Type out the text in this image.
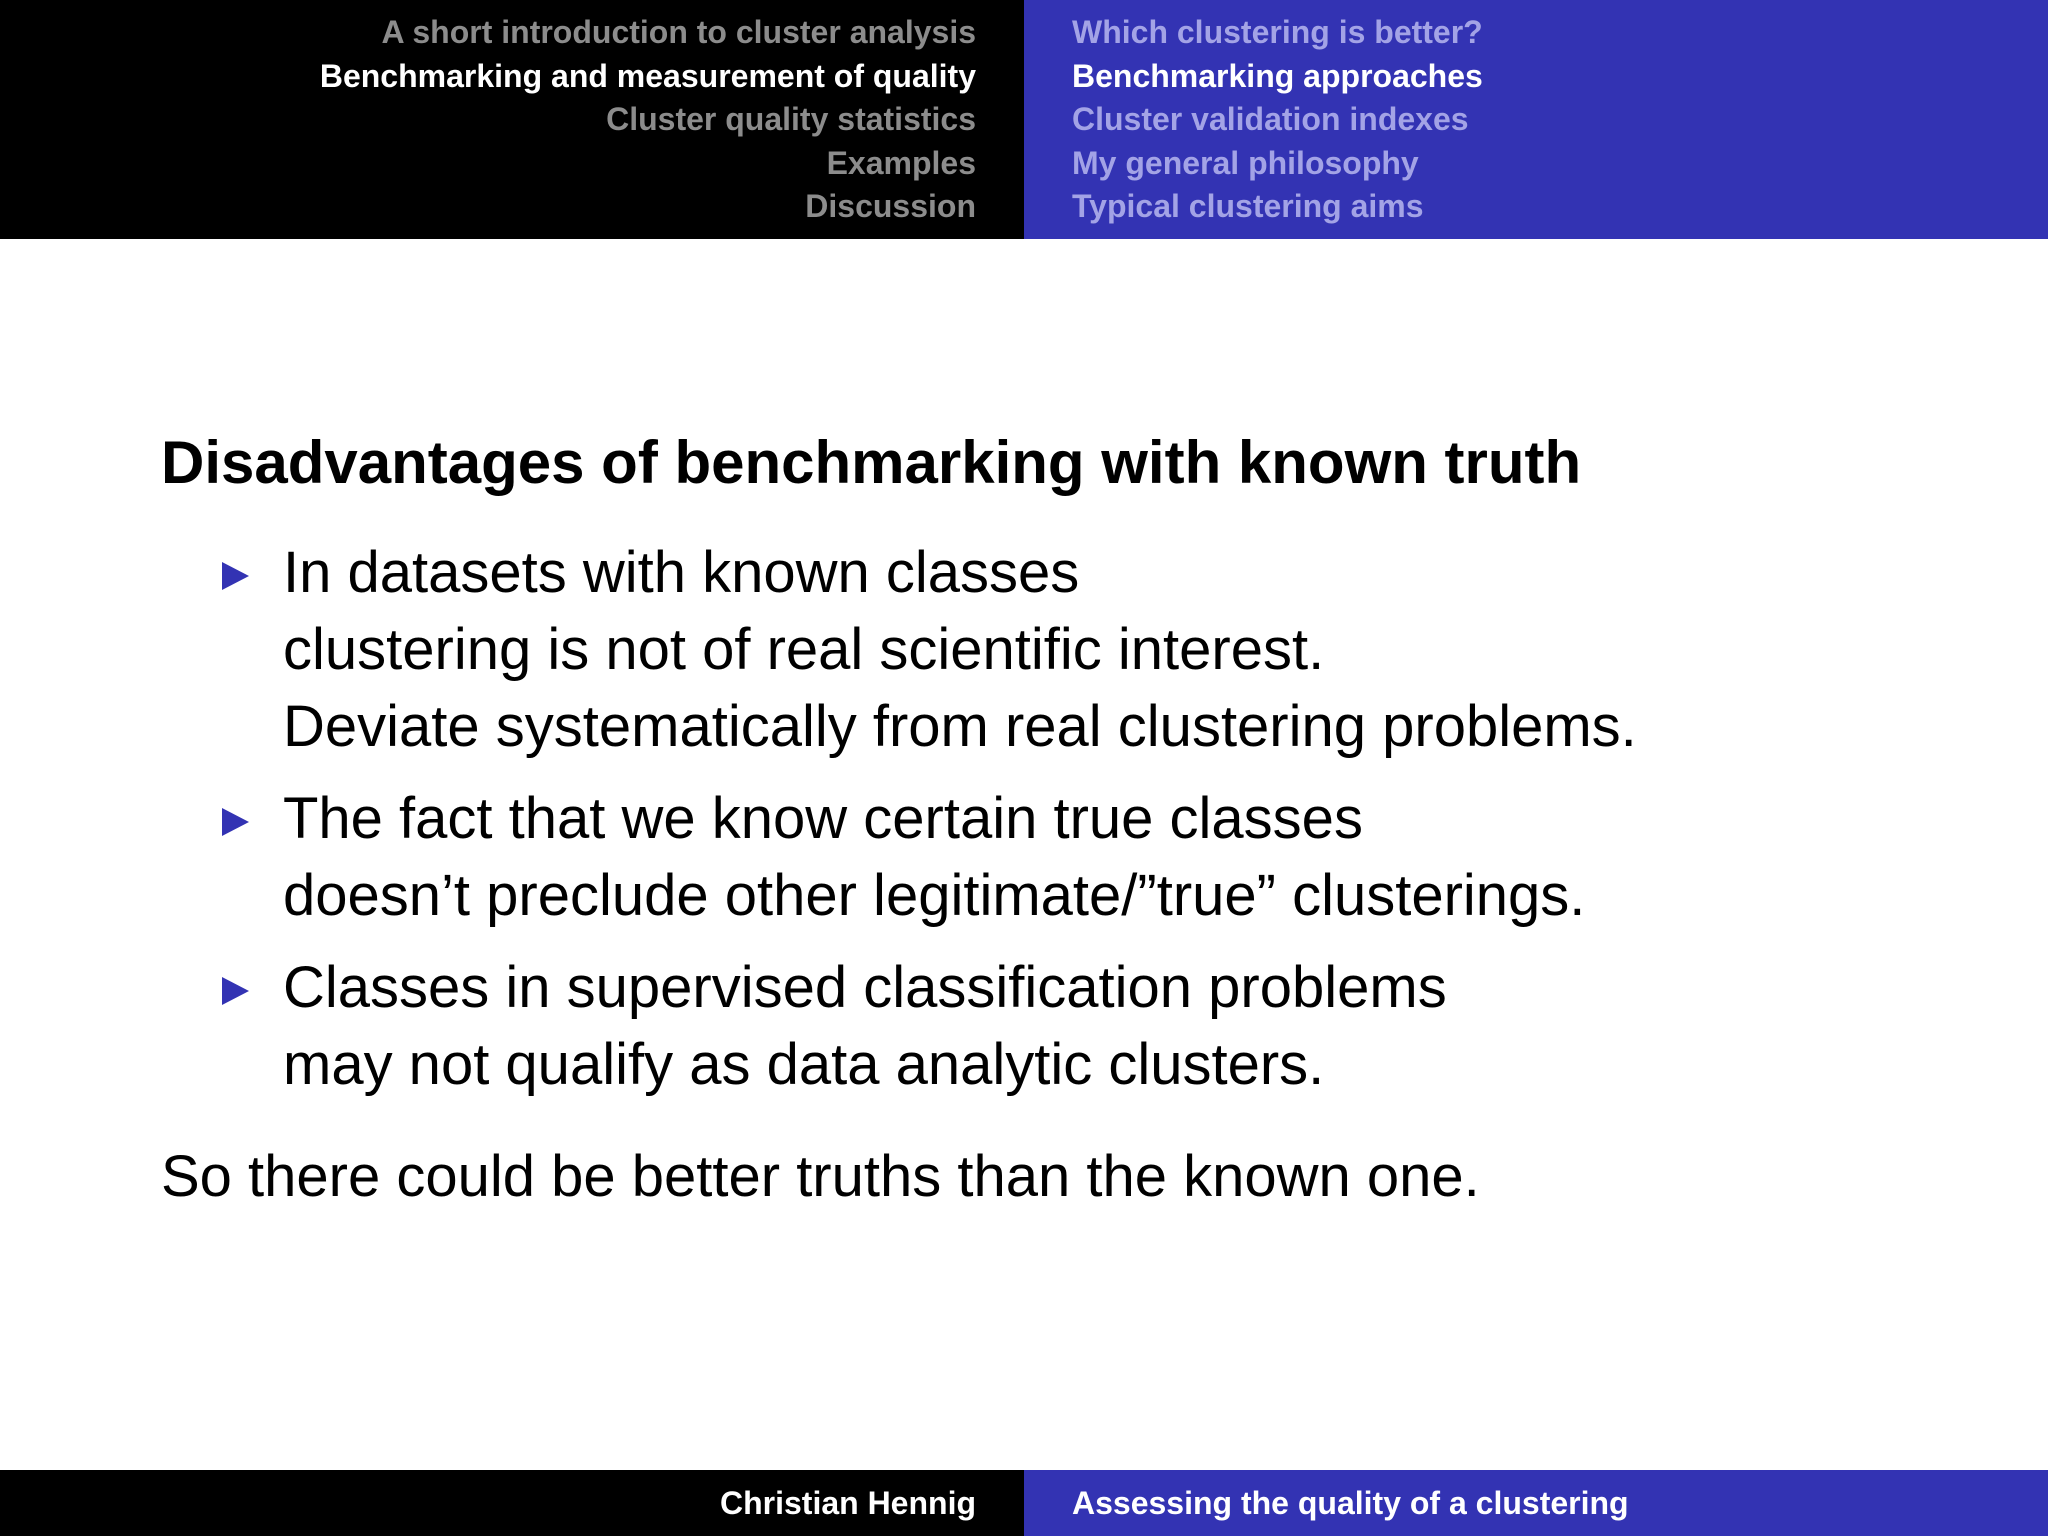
A short introduction to cluster analysis
Benchmarking and measurement of quality
Cluster quality statistics
Examples
Discussion
Which clustering is better?
Benchmarking approaches
Cluster validation indexes
My general philosophy
Typical clustering aims
Disadvantages of benchmarking with known truth
In datasets with known classes
clustering is not of real scientific interest.
Deviate systematically from real clustering problems.
The fact that we know certain true classes
doesn’t preclude other legitimate/”true” clusterings.
Classes in supervised classification problems
may not qualify as data analytic clusters.

So there could be better truths than the known one.

Christian Hennig	Assessing the quality of a clustering
